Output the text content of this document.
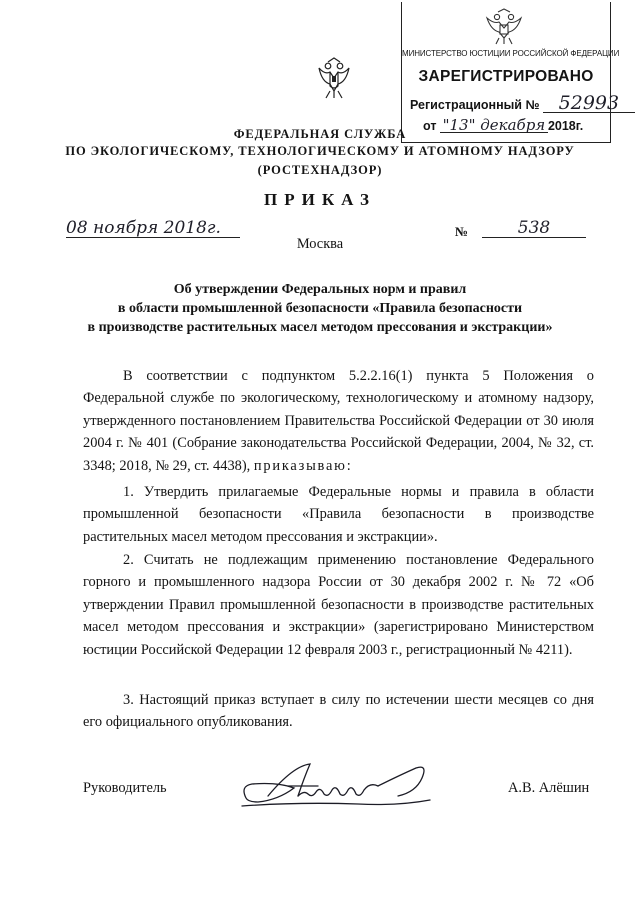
МИНИСТЕРСТВО ЮСТИЦИИ РОССИЙСКОЙ ФЕДЕРАЦИИ
ЗАРЕГИСТРИРОВАНО
Регистрационный № 52993
от "13" декабря 2018г.
ФЕДЕРАЛЬНАЯ СЛУЖБА
ПО ЭКОЛОГИЧЕСКОМУ, ТЕХНОЛОГИЧЕСКОМУ И АТОМНОМУ НАДЗОРУ
(РОСТЕХНАДЗОР)
ПРИКАЗ
08 ноября 2018г.	№	538
Москва
Об утверждении Федеральных норм и правил
в области промышленной безопасности «Правила безопасности
в производстве растительных масел методом прессования и экстракции»
В соответствии с подпунктом 5.2.2.16(1) пункта 5 Положения о Федеральной службе по экологическому, технологическому и атомному надзору, утвержденного постановлением Правительства Российской Федерации от 30 июля 2004 г. № 401 (Собрание законодательства Российской Федерации, 2004, № 32, ст. 3348; 2018, № 29, ст. 4438), приказываю:
1. Утвердить прилагаемые Федеральные нормы и правила в области промышленной безопасности «Правила безопасности в производстве растительных масел методом прессования и экстракции».
2. Считать не подлежащим применению постановление Федерального горного и промышленного надзора России от 30 декабря 2002 г. № 72 «Об утверждении Правил промышленной безопасности в производстве растительных масел методом прессования и экстракции» (зарегистрировано Министерством юстиции Российской Федерации 12 февраля 2003 г., регистрационный № 4211).
3. Настоящий приказ вступает в силу по истечении шести месяцев со дня его официального опубликования.
Руководитель	А.В. Алёшин
